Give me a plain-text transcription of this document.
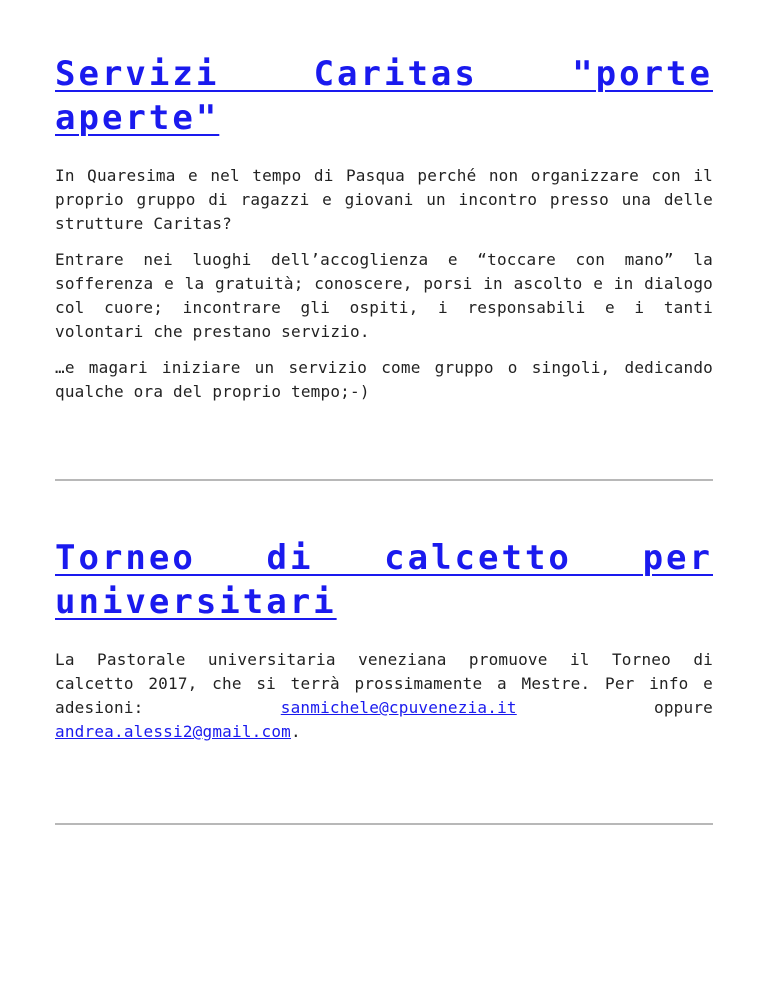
Servizi Caritas "porte aperte"

In Quaresima e nel tempo di Pasqua perché non organizzare con il proprio gruppo di ragazzi e giovani un incontro presso una delle strutture Caritas?

Entrare nei luoghi dell’accoglienza e “toccare con mano” la sofferenza e la gratuità; conoscere, porsi in ascolto e in dialogo col cuore; incontrare gli ospiti, i responsabili e i tanti volontari che prestano servizio.

…e magari iniziare un servizio come gruppo o singoli, dedicando qualche ora del proprio tempo;-)

Torneo di calcetto per universitari

La Pastorale universitaria veneziana promuove il Torneo di calcetto 2017, che si terrà prossimamente a Mestre. Per info e adesioni: sanmichele@cpuvenezia.it oppure andrea.alessi2@gmail.com.
